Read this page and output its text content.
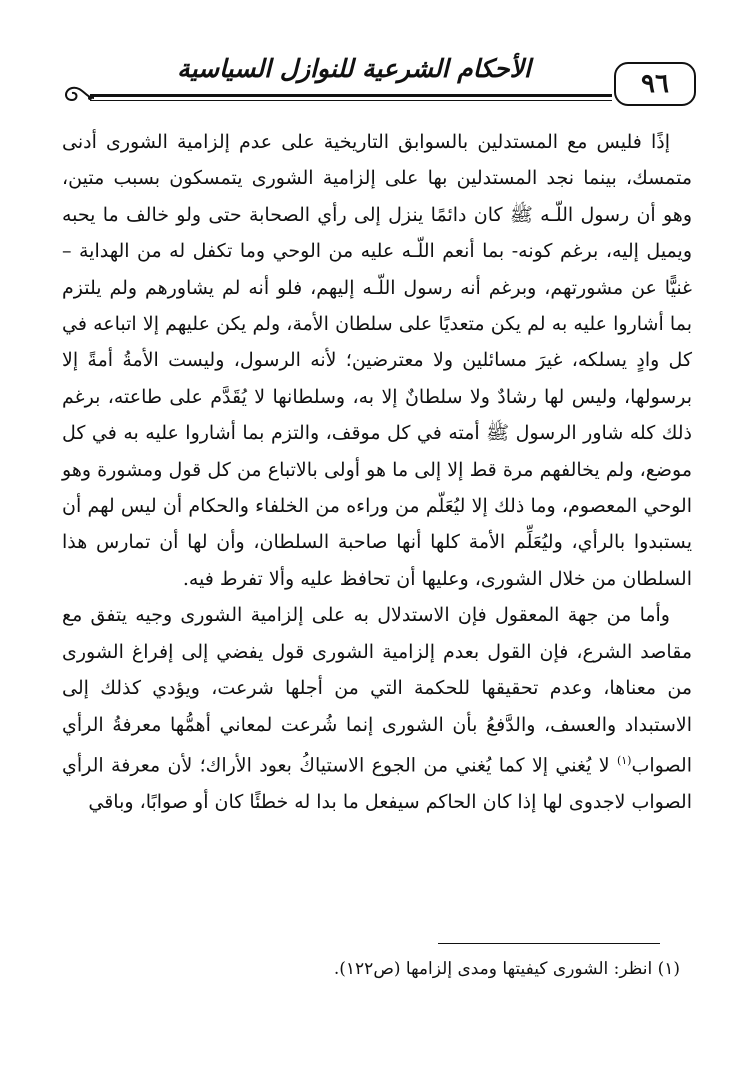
الأحكام الشرعية للنوازل السياسية
٩٦

إذًا فليس مع المستدلين بالسوابق التاريخية على عدم إلزامية الشورى أدنى متمسك، بينما نجد المستدلين بها على إلزامية الشورى يتمسكون بسبب متين، وهو أن رسول اللّـه ﷺ كان دائمًا ينزل إلى رأي الصحابة حتى ولو خالف ما يحبه ويميل إليه، برغم كونه- بما أنعم اللّـه عليه من الوحي وما تكفل له من الهداية – غنيًّا عن مشورتهم، وبرغم أنه رسول اللّـه إليهم، فلو أنه لم يشاورهم ولم يلتزم بما أشاروا عليه به لم يكن متعديًا على سلطان الأمة، ولم يكن عليهم إلا اتباعه في كل وادٍ يسلكه، غيرَ مسائلين ولا معترضين؛ لأنه الرسول، وليست الأمةُ أمةً إلا برسولها، وليس لها رشادٌ ولا سلطانٌ إلا به، وسلطانها لا يُقَدَّم على طاعته، برغم ذلك كله شاور الرسول ﷺ أمته في كل موقف، والتزم بما أشاروا عليه به في كل موضع، ولم يخالفهم مرة قط إلا إلى ما هو أولى بالاتباع من كل قول ومشورة وهو الوحي المعصوم، وما ذلك إلا ليُعَلّم من وراءه من الخلفاء والحكام أن ليس لهم أن يستبدوا بالرأي، وليُعَلِّم الأمة كلها أنها صاحبة السلطان، وأن لها أن تمارس هذا السلطان من خلال الشورى، وعليها أن تحافظ عليه وألا تفرط فيه.

وأما من جهة المعقول فإن الاستدلال به على إلزامية الشورى وجيه يتفق مع مقاصد الشرع، فإن القول بعدم إلزامية الشورى قول يفضي إلى إفراغ الشورى من معناها، وعدم تحقيقها للحكمة التي من أجلها شرعت، ويؤدي كذلك إلى الاستبداد والعسف، والدَّفعُ بأن الشورى إنما شُرعت لمعاني أهمُّها معرفةُ الرأي الصواب$^{(١)}$ لا يُغني إلا كما يُغني من الجوع الاستياكُ بعود الأراك؛ لأن معرفة الرأي الصواب لاجدوى لها إذا كان الحاكم سيفعل ما بدا له خطئًا كان أو صوابًا، وباقي

(١) انظر: الشورى كيفيتها ومدى إلزامها (ص١٢٢).
